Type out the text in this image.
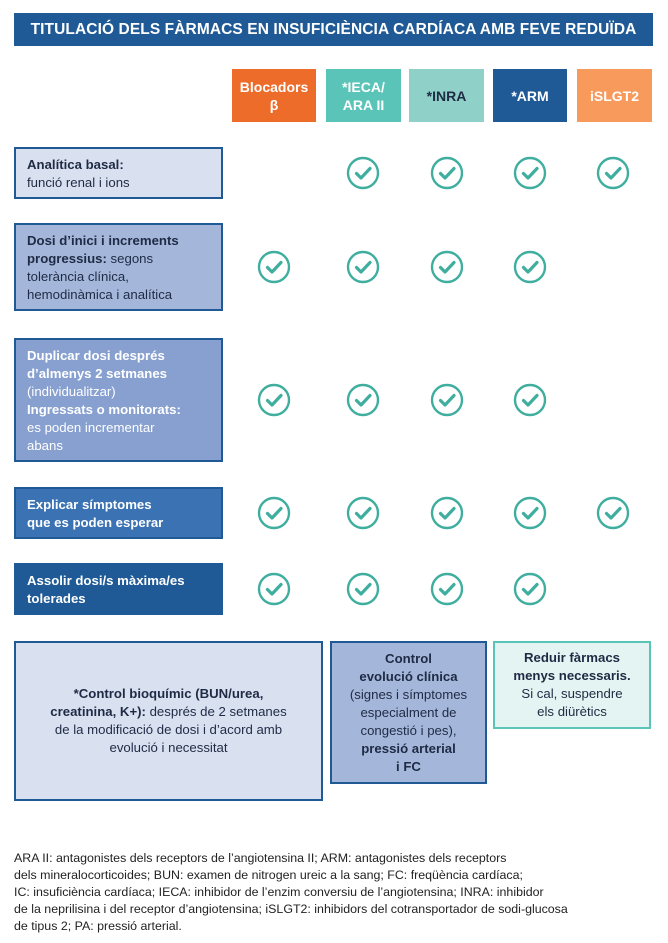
TITULACIÓ DELS FÀRMACS EN INSUFICIÈNCIA CARDÍACA AMB FEVE REDUÏDA
Blocadors
β
*IECA/
ARA II
*INRA	*ARM	iSLGT2
Analítica basal:
funció renal i ions
Dosi d’inici i increments
progressius: segons
tolerància clínica,
hemodinàmica i analítica
Duplicar dosi després
d’almenys 2 setmanes
(individualitzar)
Ingressats o monitorats:
es poden incrementar
abans
Explicar símptomes
que es poden esperar
Assolir dosi/s màxima/es
tolerades
*Control bioquímic (BUN/urea,
creatinina, K+): després de 2 setmanes
de la modificació de dosi i d’acord amb
evolució i necessitat
Control
evolució clínica
(signes i símptomes
especialment de
congestió i pes),
pressió arterial
i FC
Reduir fàrmacs
menys necessaris.
Si cal, suspendre
els diürètics
ARA II: antagonistes dels receptors de l’angiotensina II; ARM: antagonistes dels receptors
dels mineralocorticoides; BUN: examen de nitrogen ureic a la sang; FC: freqüència cardíaca;
IC: insuficiència cardíaca; IECA: inhibidor de l’enzim conversiu de l’angiotensina; INRA: inhibidor
de la neprilisina i del receptor d’angiotensina; iSLGT2: inhibidors del cotransportador de sodi-glucosa
de tipus 2; PA: pressió arterial.
